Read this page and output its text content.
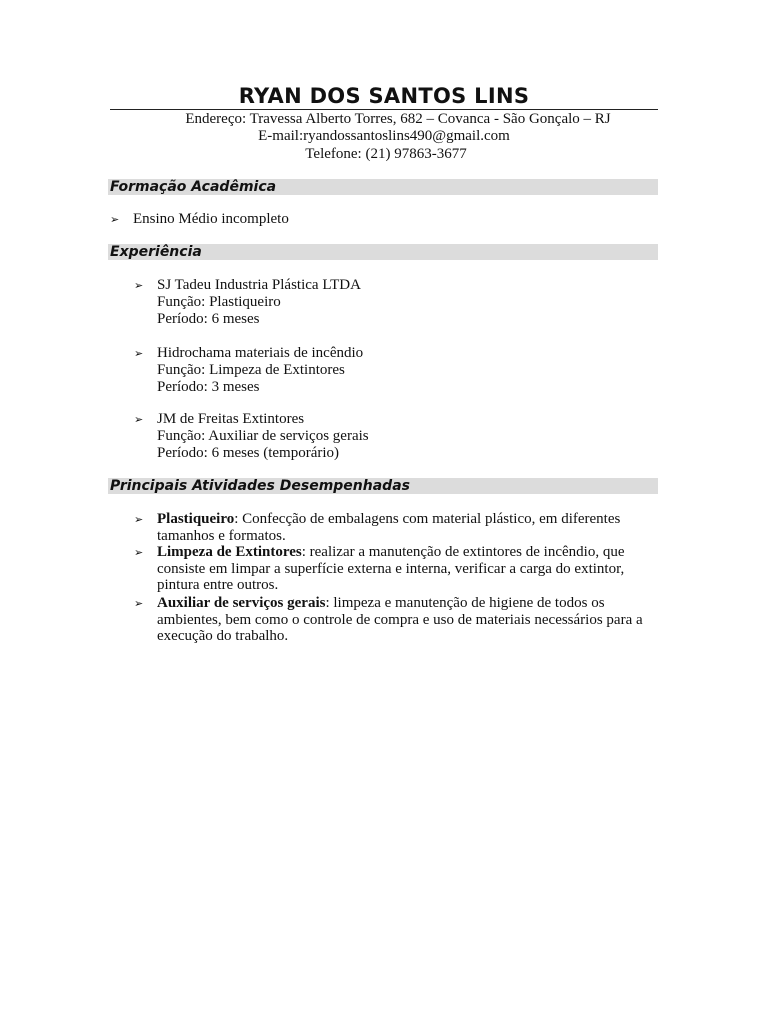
RYAN DOS SANTOS LINS
Endereço: Travessa Alberto Torres, 682 – Covanca - São Gonçalo – RJ
E-mail:ryandossantoslins490@gmail.com
Telefone: (21) 97863-3677
Formação Acadêmica
➢ Ensino Médio incompleto
Experiência
➢ SJ Tadeu Industria Plástica LTDA
Função: Plastiqueiro
Período: 6 meses
➢ Hidrochama materiais de incêndio
Função: Limpeza de Extintores
Período: 3 meses
➢ JM de Freitas Extintores
Função: Auxiliar de serviços gerais
Período: 6 meses (temporário)
Principais Atividades Desempenhadas
➢ Plastiqueiro: Confecção de embalagens com material plástico, em diferentes tamanhos e formatos.
➢ Limpeza de Extintores: realizar a manutenção de extintores de incêndio, que consiste em limpar a superfície externa e interna, verificar a carga do extintor, pintura entre outros.
➢ Auxiliar de serviços gerais: limpeza e manutenção de higiene de todos os ambientes, bem como o controle de compra e uso de materiais necessários para a execução do trabalho.
